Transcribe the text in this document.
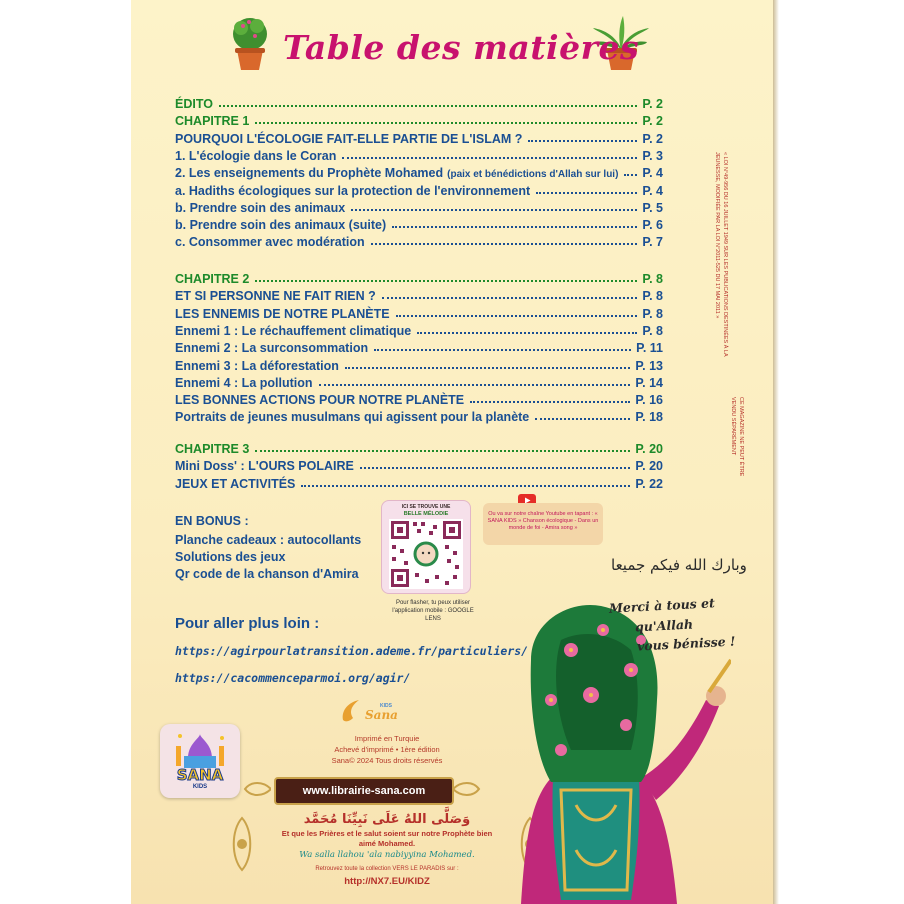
Table des matières
ÉDITO	P. 2
CHAPITRE 1	P. 2
POURQUOI L'ÉCOLOGIE FAIT-ELLE PARTIE DE L'ISLAM ?	P. 2
1. L'écologie dans le Coran	P. 3
2. Les enseignements du Prophète Mohamed (paix et bénédictions d'Allah sur lui) P. 4
a. Hadiths écologiques sur la protection de l'environnement	P. 4
b. Prendre soin des animaux	P. 5
b. Prendre soin des animaux (suite)	P. 6
c. Consommer avec modération	P. 7
CHAPITRE 2	P. 8
ET SI PERSONNE NE FAIT RIEN ?	P. 8
LES ENNEMIS DE NOTRE PLANÈTE	P. 8
Ennemi 1 : Le réchauffement climatique	P. 8
Ennemi 2 : La surconsommation	P. 11
Ennemi 3 : La déforestation	P. 13
Ennemi 4 : La pollution	P. 14
LES BONNES ACTIONS POUR NOTRE PLANÈTE	P. 16
Portraits de jeunes musulmans qui agissent pour la planète	P. 18
CHAPITRE 3	P. 20
Mini Doss' : L'OURS POLAIRE	P. 20
JEUX ET ACTIVITÉS	P. 22
EN BONUS :
Planche cadeaux : autocollants
Solutions des jeux
Qr code de la chanson d'Amira
ICI SE TROUVE UNE
BELLE MÉLODIE
Pour flasher, tu peux utiliser l'application mobile : GOOGLE LENS
Ou va sur notre chaîne Youtube en tapant : « SANA KIDS » Chanson écologique - Dans un monde de foi - Amira song »
Pour aller plus loin :
https://agirpourlatransition.ademe.fr/particuliers/
https://cacommenceparmoi.org/agir/
SANA
KIDS
Sana
KIDS
Imprimé en Turquie
Achevé d'imprimé • 1ère édition
Sana© 2024 Tous droits réservés
www.librairie-sana.com
وَصَلَّى اللهُ عَلَى نَبِيِّنَا مُحَمَّد
Et que les Prières et le salut soient sur notre Prophète bien aimé Mohamed.
Wa salla llahou 'ala nabiyyina Mohamed.
Retrouvez toute la collection VERS LE PARADIS sur :
http://NX7.EU/KIDZ
« LOI N°49-956 DU 16 JUILLET 1949 SUR LES PUBLICATIONS DESTINÉES À LA JEUNESSE, MODIFIÉE PAR LA LOI N°2011-525 DU 17 MAI 2011 »
CE MAGAZINE NE PEUT ÊTRE VENDU SÉPARÉMENT
وبارك الله فيكم جميعا
Merci à tous et
qu'Allah
vous bénisse !
